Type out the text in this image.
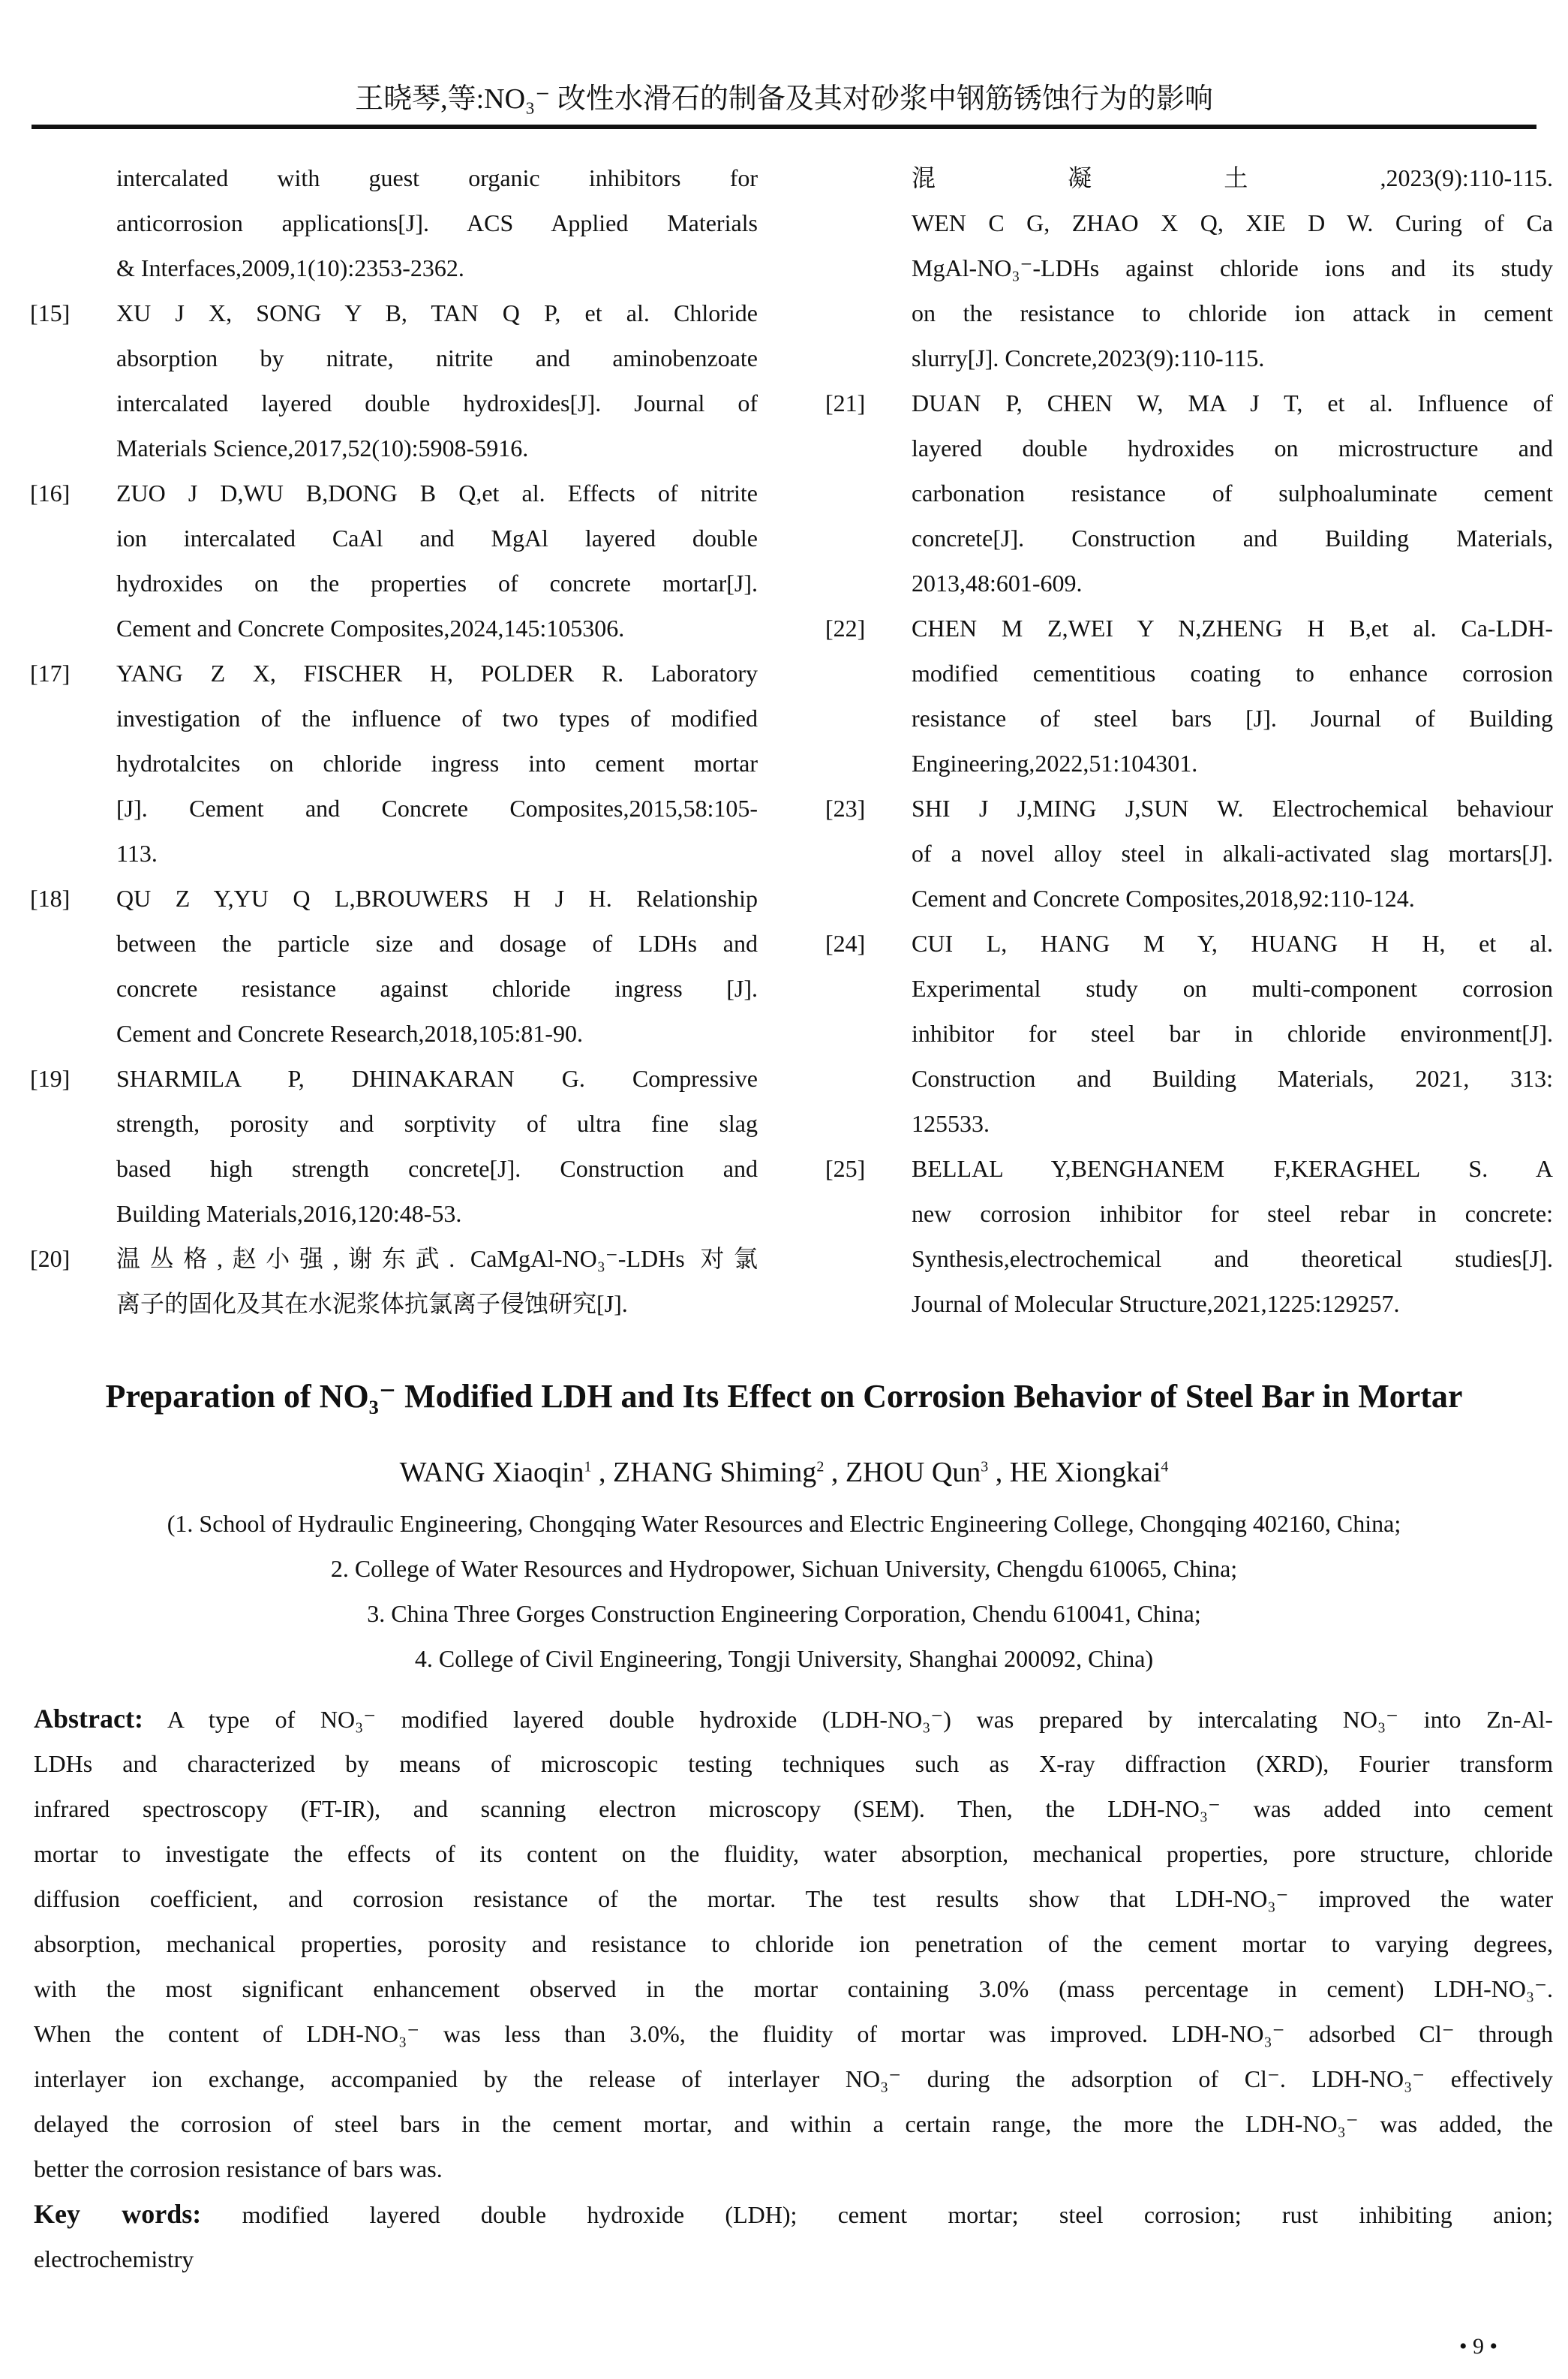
王晓琴,等:NO₃⁻ 改性水滑石的制备及其对砂浆中钢筋锈蚀行为的影响
intercalated with guest organic inhibitors for
anticorrosion applications[J]. ACS Applied Materials
& Interfaces,2009,1(10):2353-2362.
[15] XU J X, SONG Y B, TAN Q P, et al. Chloride
absorption by nitrate, nitrite and aminobenzoate
intercalated layered double hydroxides[J]. Journal of
Materials Science,2017,52(10):5908-5916.
[16] ZUO J D,WU B,DONG B Q,et al. Effects of nitrite
ion intercalated CaAl and MgAl layered double
hydroxides on the properties of concrete mortar[J].
Cement and Concrete Composites,2024,145:105306.
[17] YANG Z X, FISCHER H, POLDER R. Laboratory
investigation of the influence of two types of modified
hydrotalcites on chloride ingress into cement mortar
[J]. Cement and Concrete Composites,2015,58:105-
113.
[18] QU Z Y,YU Q L,BROUWERS H J H. Relationship
between the particle size and dosage of LDHs and
concrete resistance against chloride ingress [J].
Cement and Concrete Research,2018,105:81-90.
[19] SHARMILA P, DHINAKARAN G. Compressive
strength, porosity and sorptivity of ultra fine slag
based high strength concrete[J]. Construction and
Building Materials,2016,120:48-53.
[20] 温丛格,赵小强,谢东武. CaMgAl-NO₃⁻-LDHs 对氯
离子的固化及其在水泥浆体抗氯离子侵蚀研究[J].
混凝土,2023(9):110-115.
WEN C G, ZHAO X Q, XIE D W. Curing of Ca
MgAl-NO₃⁻-LDHs against chloride ions and its study
on the resistance to chloride ion attack in cement
slurry[J]. Concrete,2023(9):110-115.
[21] DUAN P, CHEN W, MA J T, et al. Influence of
layered double hydroxides on microstructure and
carbonation resistance of sulphoaluminate cement
concrete[J]. Construction and Building Materials,
2013,48:601-609.
[22] CHEN M Z,WEI Y N,ZHENG H B,et al. Ca-LDH-
modified cementitious coating to enhance corrosion
resistance of steel bars [J]. Journal of Building
Engineering,2022,51:104301.
[23] SHI J J,MING J,SUN W. Electrochemical behaviour
of a novel alloy steel in alkali-activated slag mortars[J].
Cement and Concrete Composites,2018,92:110-124.
[24] CUI L, HANG M Y, HUANG H H, et al.
Experimental study on multi-component corrosion
inhibitor for steel bar in chloride environment[J].
Construction and Building Materials, 2021, 313:
125533.
[25] BELLAL Y,BENGHANEM F,KERAGHEL S. A
new corrosion inhibitor for steel rebar in concrete:
Synthesis,electrochemical and theoretical studies[J].
Journal of Molecular Structure,2021,1225:129257.
Preparation of NO₃⁻ Modified LDH and Its Effect on Corrosion Behavior of Steel Bar in Mortar
WANG Xiaoqin$^1$ , ZHANG Shiming$^2$ , ZHOU Qun$^3$ , HE Xiongkai$^4$
(1. School of Hydraulic Engineering, Chongqing Water Resources and Electric Engineering College, Chongqing 402160, China;
2. College of Water Resources and Hydropower, Sichuan University, Chengdu 610065, China;
3. China Three Gorges Construction Engineering Corporation, Chendu 610041, China;
4. College of Civil Engineering, Tongji University, Shanghai 200092, China)
Abstract: A type of NO₃⁻ modified layered double hydroxide (LDH-NO₃⁻) was prepared by intercalating NO₃⁻ into Zn-Al-
LDHs and characterized by means of microscopic testing techniques such as X-ray diffraction (XRD), Fourier transform
infrared spectroscopy (FT-IR), and scanning electron microscopy (SEM). Then, the LDH-NO₃⁻ was added into cement
mortar to investigate the effects of its content on the fluidity, water absorption, mechanical properties, pore structure, chloride
diffusion coefficient, and corrosion resistance of the mortar. The test results show that LDH-NO₃⁻ improved the water
absorption, mechanical properties, porosity and resistance to chloride ion penetration of the cement mortar to varying degrees,
with the most significant enhancement observed in the mortar containing 3.0% (mass percentage in cement) LDH-NO₃⁻.
When the content of LDH-NO₃⁻ was less than 3.0%, the fluidity of mortar was improved. LDH-NO₃⁻ adsorbed Cl⁻ through
interlayer ion exchange, accompanied by the release of interlayer NO₃⁻ during the adsorption of Cl⁻. LDH-NO₃⁻ effectively
delayed the corrosion of steel bars in the cement mortar, and within a certain range, the more the LDH-NO₃⁻ was added, the
better the corrosion resistance of bars was.
Key words: modified layered double hydroxide (LDH); cement mortar; steel corrosion; rust inhibiting anion;
electrochemistry
• 9 •
